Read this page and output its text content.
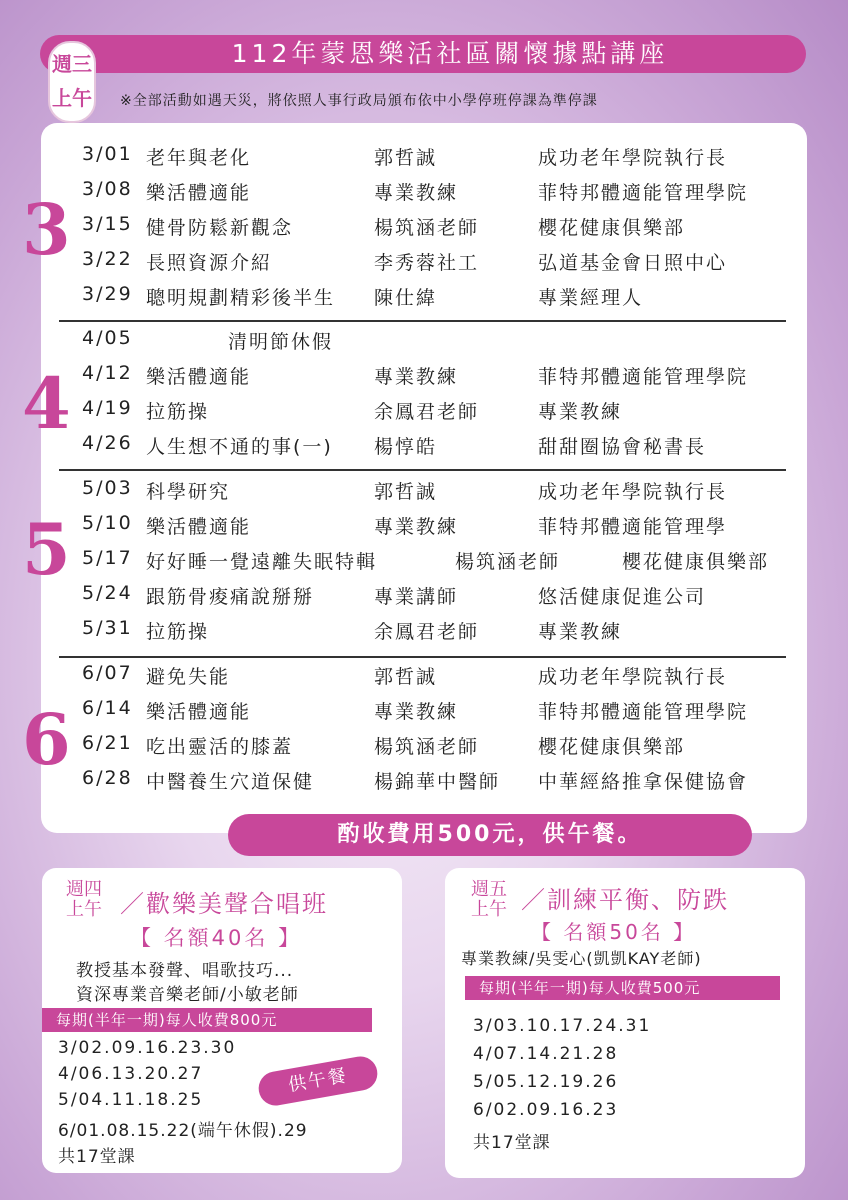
112年蒙恩樂活社區關懷據點講座
週三
上午 ※全部活動如遇天災，將依照人事行政局頒布依中小學停班停課為準停課
3
4
5
6
3/01 老年與老化	郭哲誠	成功老年學院執行長
3/08 樂活體適能	專業教練	菲特邦體適能管理學院
3/15 健骨防鬆新觀念	楊筑涵老師	櫻花健康俱樂部
3/22 長照資源介紹	李秀蓉社工	弘道基金會日照中心
3/29 聰明規劃精彩後半生 陳仕緯	專業經理人
4/05	清明節休假
4/12 樂活體適能	專業教練	菲特邦體適能管理學院
4/19 拉筋操	余鳳君老師	專業教練
4/26 人生想不通的事(一) 楊惇皓	甜甜圈協會秘書長
5/03 科學研究	郭哲誠	成功老年學院執行長
5/10 樂活體適能	專業教練	菲特邦體適能管理學
5/17 好好睡一覺遠離失眠特輯	楊筑涵老師	櫻花健康俱樂部
5/24 跟筋骨痠痛說掰掰	專業講師	悠活健康促進公司
5/31 拉筋操	余鳳君老師	專業教練
6/07 避免失能	郭哲誠	成功老年學院執行長
6/14 樂活體適能	專業教練	菲特邦體適能管理學院
6/21 吃出靈活的膝蓋	楊筑涵老師	櫻花健康俱樂部
6/28 中醫養生穴道保健	楊錦華中醫師 中華經絡推拿保健協會
酌收費用500元，供午餐。
週四
上午 ／歡樂美聲合唱班
【 名額40名 】
教授基本發聲、唱歌技巧...
資深專業音樂老師/小敏老師
每期(半年一期)每人收費800元
3/02.09.16.23.30
4/06.13.20.27
5/04.11.18.25
6/01.08.15.22(端午休假).29
共17堂課
供午餐
週五
上午 ／訓練平衡、防跌
【 名額50名 】
專業教練/吳雯心(凱凱KAY老師)
每期(半年一期)每人收費500元
3/03.10.17.24.31
4/07.14.21.28
5/05.12.19.26
6/02.09.16.23
共17堂課
